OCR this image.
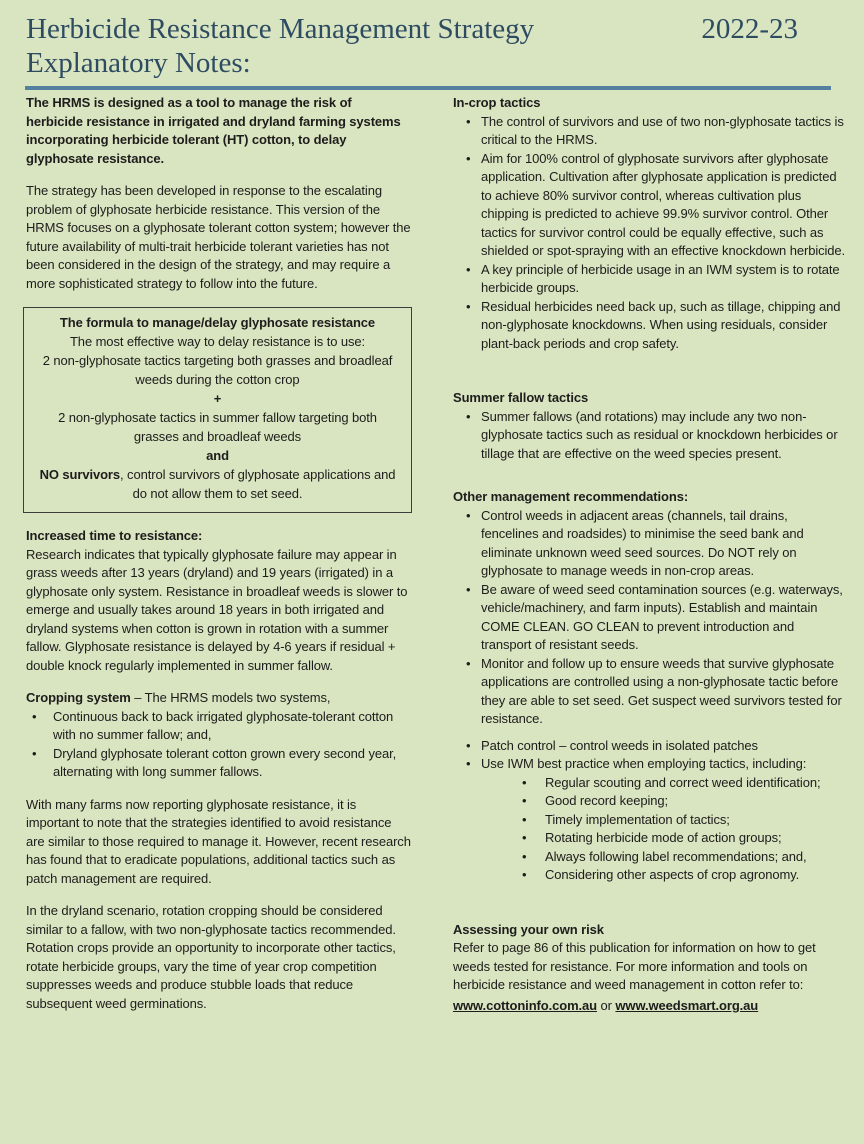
Herbicide Resistance Management Strategy
Explanatory Notes:
2022-23

The HRMS is designed as a tool to manage the risk of herbicide resistance in irrigated and dryland farming systems incorporating herbicide tolerant (HT) cotton, to delay glyphosate resistance.

The strategy has been developed in response to the escalating problem of glyphosate herbicide resistance. This version of the HRMS focuses on a glyphosate tolerant cotton system; however the future availability of multi-trait herbicide tolerant varieties has not been considered in the design of the strategy, and may require a more sophisticated strategy to follow into the future.

The formula to manage/delay glyphosate resistance
The most effective way to delay resistance is to use:
2 non-glyphosate tactics targeting both grasses and broadleaf weeds during the cotton crop
+
2 non-glyphosate tactics in summer fallow targeting both grasses and broadleaf weeds
and
NO survivors, control survivors of glyphosate applications and do not allow them to set seed.
Increased time to resistance:

Research indicates that typically glyphosate failure may appear in grass weeds after 13 years (dryland) and 19 years (irrigated) in a glyphosate only system. Resistance in broadleaf weeds is slower to emerge and usually takes around 18 years in both irrigated and dryland systems when cotton is grown in rotation with a summer fallow. Glyphosate resistance is delayed by 4-6 years if residual + double knock regularly implemented in summer fallow.

Cropping system – The HRMS models two systems,
•
Continuous back to back irrigated glyphosate-tolerant cotton with no summer fallow; and,
•
Dryland glyphosate tolerant cotton grown every second year, alternating with long summer fallows.

With many farms now reporting glyphosate resistance, it is important to note that the strategies identified to avoid resistance are similar to those required to manage it. However, recent research has found that to eradicate populations, additional tactics such as patch management are required.

In the dryland scenario, rotation cropping should be considered similar to a fallow, with two non-glyphosate tactics recommended. Rotation crops provide an opportunity to incorporate other tactics, rotate herbicide groups, vary the time of year crop competition suppresses weeds and produce stubble loads that reduce subsequent weed germinations.

In-crop tactics
•
The control of survivors and use of two non-glyphosate tactics is critical to the HRMS.
•
Aim for 100% control of glyphosate survivors after glyphosate application. Cultivation after glyphosate application is predicted to achieve 80% survivor control, whereas cultivation plus chipping is predicted to achieve 99.9% survivor control. Other tactics for survivor control could be equally effective, such as shielded or spot-spraying with an effective knockdown herbicide.
•
A key principle of herbicide usage in an IWM system is to rotate herbicide groups.
•
Residual herbicides need back up, such as tillage, chipping and non-glyphosate knockdowns. When using residuals, consider plant-back periods and crop safety.
Summer fallow tactics
•
Summer fallows (and rotations) may include any two non-glyphosate tactics such as residual or knockdown herbicides or tillage that are effective on the weed species present.
Other management recommendations:
•
Control weeds in adjacent areas (channels, tail drains, fencelines and roadsides) to minimise the seed bank and eliminate unknown weed seed sources. Do NOT rely on glyphosate to manage weeds in non-crop areas.
•
Be aware of weed seed contamination sources (e.g. waterways, vehicle/machinery, and farm inputs). Establish and maintain COME CLEAN. GO CLEAN to prevent introduction and transport of resistant seeds.
•
Monitor and follow up to ensure weeds that survive glyphosate applications are controlled using a non-glyphosate tactic before they are able to set seed. Get suspect weed survivors tested for resistance.
•
Patch control – control weeds in isolated patches
•
Use IWM best practice when employing tactics, including:
•
Regular scouting and correct weed identification;
•
Good record keeping;
•
Timely implementation of tactics;
•
Rotating herbicide mode of action groups;
•
Always following label recommendations; and,
•
Considering other aspects of crop agronomy.
Assessing your own risk
Refer to page 86 of this publication for information on how to get weeds tested for resistance. For more information and tools on herbicide resistance and weed management in cotton refer to:
www.cottoninfo.com.au or www.weedsmart.org.au
